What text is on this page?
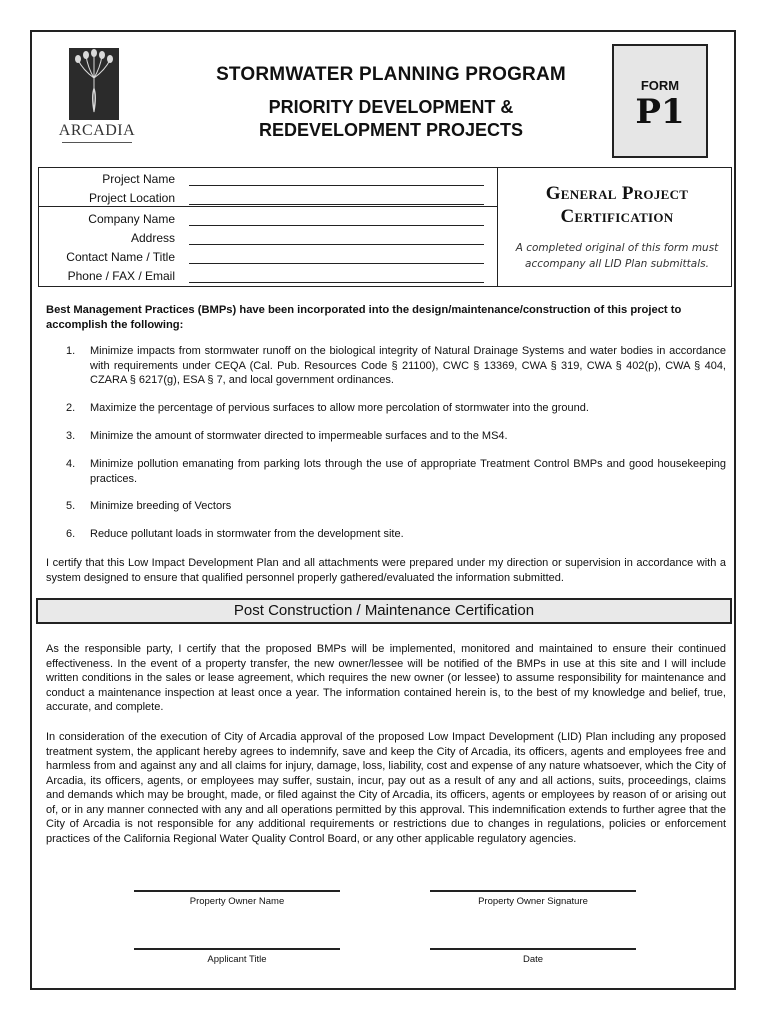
ARCADIA
STORMWATER PLANNING PROGRAM
PRIORITY DEVELOPMENT &
REDEVELOPMENT PROJECTS
FORM
P1
Project Name
Project Location
Company Name
Address
Contact Name / Title
Phone / FAX / Email
General Project
Certification
A completed original of this form must
accompany all LID Plan submittals.
Best Management Practices (BMPs) have been incorporated into the design/maintenance/construction of this project to accomplish the following:
1. Minimize impacts from stormwater runoff on the biological integrity of Natural Drainage Systems and water bodies in accordance with requirements under CEQA (Cal. Pub. Resources Code § 21100), CWC § 13369, CWA § 319, CWA § 402(p), CWA § 404, CZARA § 6217(g), ESA § 7, and local government ordinances.
2. Maximize the percentage of pervious surfaces to allow more percolation of stormwater into the ground.
3. Minimize the amount of stormwater directed to impermeable surfaces and to the MS4.
4. Minimize pollution emanating from parking lots through the use of appropriate Treatment Control BMPs and good housekeeping practices.
5. Minimize breeding of Vectors
6. Reduce pollutant loads in stormwater from the development site.
I certify that this Low Impact Development Plan and all attachments were prepared under my direction or supervision in accordance with a system designed to ensure that qualified personnel properly gathered/evaluated the information submitted.
Post Construction / Maintenance Certification
As the responsible party, I certify that the proposed BMPs will be implemented, monitored and maintained to ensure their continued effectiveness. In the event of a property transfer, the new owner/lessee will be notified of the BMPs in use at this site and I will include written conditions in the sales or lease agreement, which requires the new owner (or lessee) to assume responsibility for maintenance and conduct a maintenance inspection at least once a year. The information contained herein is, to the best of my knowledge and belief, true, accurate, and complete.
In consideration of the execution of City of Arcadia approval of the proposed Low Impact Development (LID) Plan including any proposed treatment system, the applicant hereby agrees to indemnify, save and keep the City of Arcadia, its officers, agents and employees free and harmless from and against any and all claims for injury, damage, loss, liability, cost and expense of any nature whatsoever, which the City of Arcadia, its officers, agents, or employees may suffer, sustain, incur, pay out as a result of any and all actions, suits, proceedings, claims and demands which may be brought, made, or filed against the City of Arcadia, its officers, agents or employees by reason of or arising out of, or in any manner connected with any and all operations permitted by this approval. This indemnification extends to further agree that the City of Arcadia is not responsible for any additional requirements or restrictions due to changes in regulations, policies or enforcement practices of the California Regional Water Quality Control Board, or any other applicable regulatory agencies.
Property Owner Name	Property Owner Signature
Applicant Title	Date
